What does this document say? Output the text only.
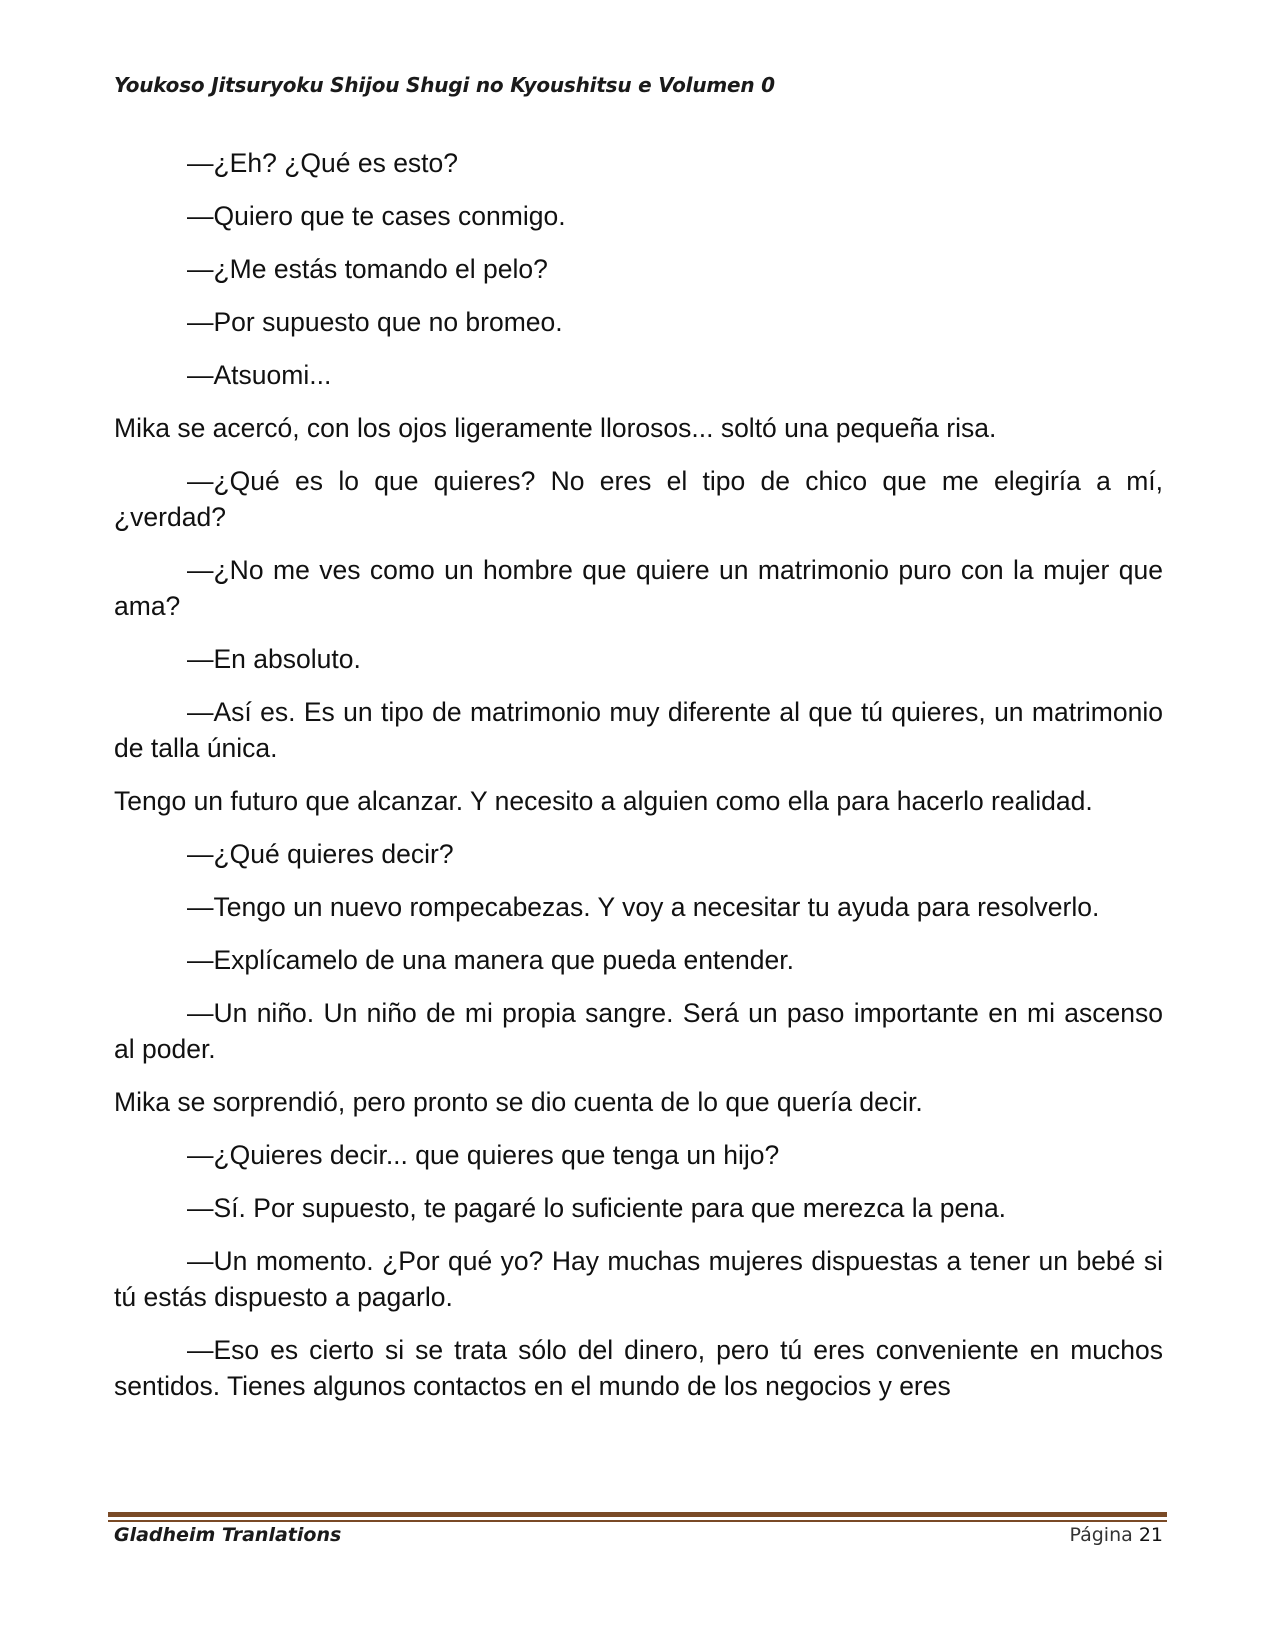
Youkoso Jitsuryoku Shijou Shugi no Kyoushitsu e Volumen 0

—¿Eh? ¿Qué es esto?

—Quiero que te cases conmigo.

—¿Me estás tomando el pelo?

—Por supuesto que no bromeo.

—Atsuomi...

Mika se acercó, con los ojos ligeramente llorosos... soltó una pequeña risa.

—¿Qué es lo que quieres? No eres el tipo de chico que me elegiría a mí, ¿verdad?

—¿No me ves como un hombre que quiere un matrimonio puro con la mujer que ama?

—En absoluto.

—Así es. Es un tipo de matrimonio muy diferente al que tú quieres, un matrimonio de talla única.

Tengo un futuro que alcanzar. Y necesito a alguien como ella para hacerlo realidad.

—¿Qué quieres decir?

—Tengo un nuevo rompecabezas. Y voy a necesitar tu ayuda para resolverlo.

—Explícamelo de una manera que pueda entender.

—Un niño. Un niño de mi propia sangre. Será un paso importante en mi ascenso al poder.

Mika se sorprendió, pero pronto se dio cuenta de lo que quería decir.

—¿Quieres decir... que quieres que tenga un hijo?

—Sí. Por supuesto, te pagaré lo suficiente para que merezca la pena.

—Un momento. ¿Por qué yo? Hay muchas mujeres dispuestas a tener un bebé si tú estás dispuesto a pagarlo.

—Eso es cierto si se trata sólo del dinero, pero tú eres conveniente en muchos sentidos. Tienes algunos contactos en el mundo de los negocios y eres

Gladheim Tranlations	Página 21
